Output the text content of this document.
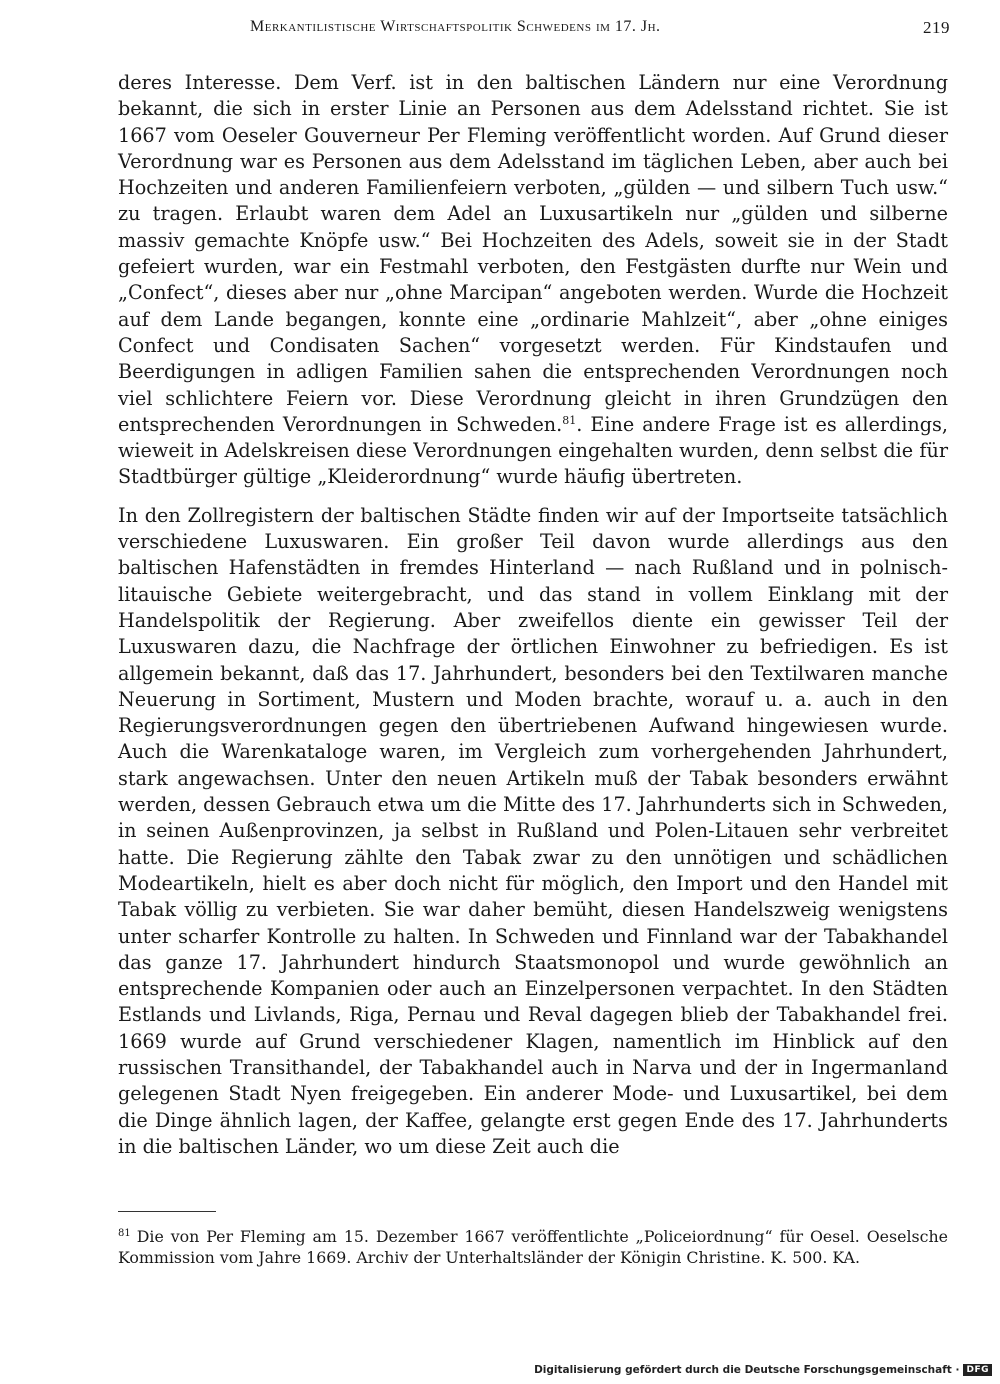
Merkantilistische Wirtschaftspolitik Schwedens im 17. Jh.	219

deres Interesse. Dem Verf. ist in den baltischen Ländern nur eine Verordnung bekannt, die sich in erster Linie an Personen aus dem Adelsstand richtet. Sie ist 1667 vom Oeseler Gouverneur Per Fleming veröffentlicht worden. Auf Grund dieser Verordnung war es Personen aus dem Adelsstand im täglichen Leben, aber auch bei Hochzeiten und anderen Familienfeiern verboten, „gülden — und silbern Tuch usw.“ zu tragen. Erlaubt waren dem Adel an Luxusartikeln nur „gülden und silberne massiv gemachte Knöpfe usw.“ Bei Hochzeiten des Adels, soweit sie in der Stadt gefeiert wurden, war ein Festmahl verboten, den Festgästen durfte nur Wein und „Confect“, dieses aber nur „ohne Marcipan“ angeboten werden. Wurde die Hochzeit auf dem Lande begangen, konnte eine „ordinarie Mahlzeit“, aber „ohne einiges Confect und Condisaten Sachen“ vorgesetzt werden. Für Kindstaufen und Beerdigungen in adligen Familien sahen die entsprechenden Verordnungen noch viel schlichtere Feiern vor. Diese Verordnung gleicht in ihren Grundzügen den entsprechenden Verordnungen in Schweden.$^{81}$. Eine andere Frage ist es allerdings, wieweit in Adelskreisen diese Verordnungen eingehalten wurden, denn selbst die für Stadtbürger gültige „Kleiderordnung“ wurde häufig übertreten.

In den Zollregistern der baltischen Städte finden wir auf der Importseite tatsächlich verschiedene Luxuswaren. Ein großer Teil davon wurde allerdings aus den baltischen Hafenstädten in fremdes Hinterland — nach Rußland und in polnisch-litauische Gebiete weitergebracht, und das stand in vollem Einklang mit der Handelspolitik der Regierung. Aber zweifellos diente ein gewisser Teil der Luxuswaren dazu, die Nachfrage der örtlichen Einwohner zu befriedigen. Es ist allgemein bekannt, daß das 17. Jahrhundert, besonders bei den Textilwaren manche Neuerung in Sortiment, Mustern und Moden brachte, worauf u. a. auch in den Regierungsverordnungen gegen den übertriebenen Aufwand hingewiesen wurde. Auch die Warenkataloge waren, im Vergleich zum vorhergehenden Jahrhundert, stark angewachsen. Unter den neuen Artikeln muß der Tabak besonders erwähnt werden, dessen Gebrauch etwa um die Mitte des 17. Jahrhunderts sich in Schweden, in seinen Außenprovinzen, ja selbst in Rußland und Polen-Litauen sehr verbreitet hatte. Die Regierung zählte den Tabak zwar zu den unnötigen und schädlichen Modeartikeln, hielt es aber doch nicht für möglich, den Import und den Handel mit Tabak völlig zu verbieten. Sie war daher bemüht, diesen Handelszweig wenigstens unter scharfer Kontrolle zu halten. In Schweden und Finnland war der Tabakhandel das ganze 17. Jahrhundert hindurch Staatsmonopol und wurde gewöhnlich an entsprechende Kompanien oder auch an Einzelpersonen verpachtet. In den Städten Estlands und Livlands, Riga, Pernau und Reval dagegen blieb der Tabakhandel frei. 1669 wurde auf Grund verschiedener Klagen, namentlich im Hinblick auf den russischen Transithandel, der Tabakhandel auch in Narva und der in Ingermanland gelegenen Stadt Nyen freigegeben. Ein anderer Mode- und Luxusartikel, bei dem die Dinge ähnlich lagen, der Kaffee, gelangte erst gegen Ende des 17. Jahrhunderts in die baltischen Länder, wo um diese Zeit auch die

$^{81}$ Die von Per Fleming am 15. Dezember 1667 veröffentlichte „Policeiordnung“ für Oesel. Oeselsche Kommission vom Jahre 1669. Archiv der Unterhaltsländer der Königin Christine. K. 500. KA.
Digitalisierung gefördert durch die Deutsche Forschungsgemeinschaft · DFG
